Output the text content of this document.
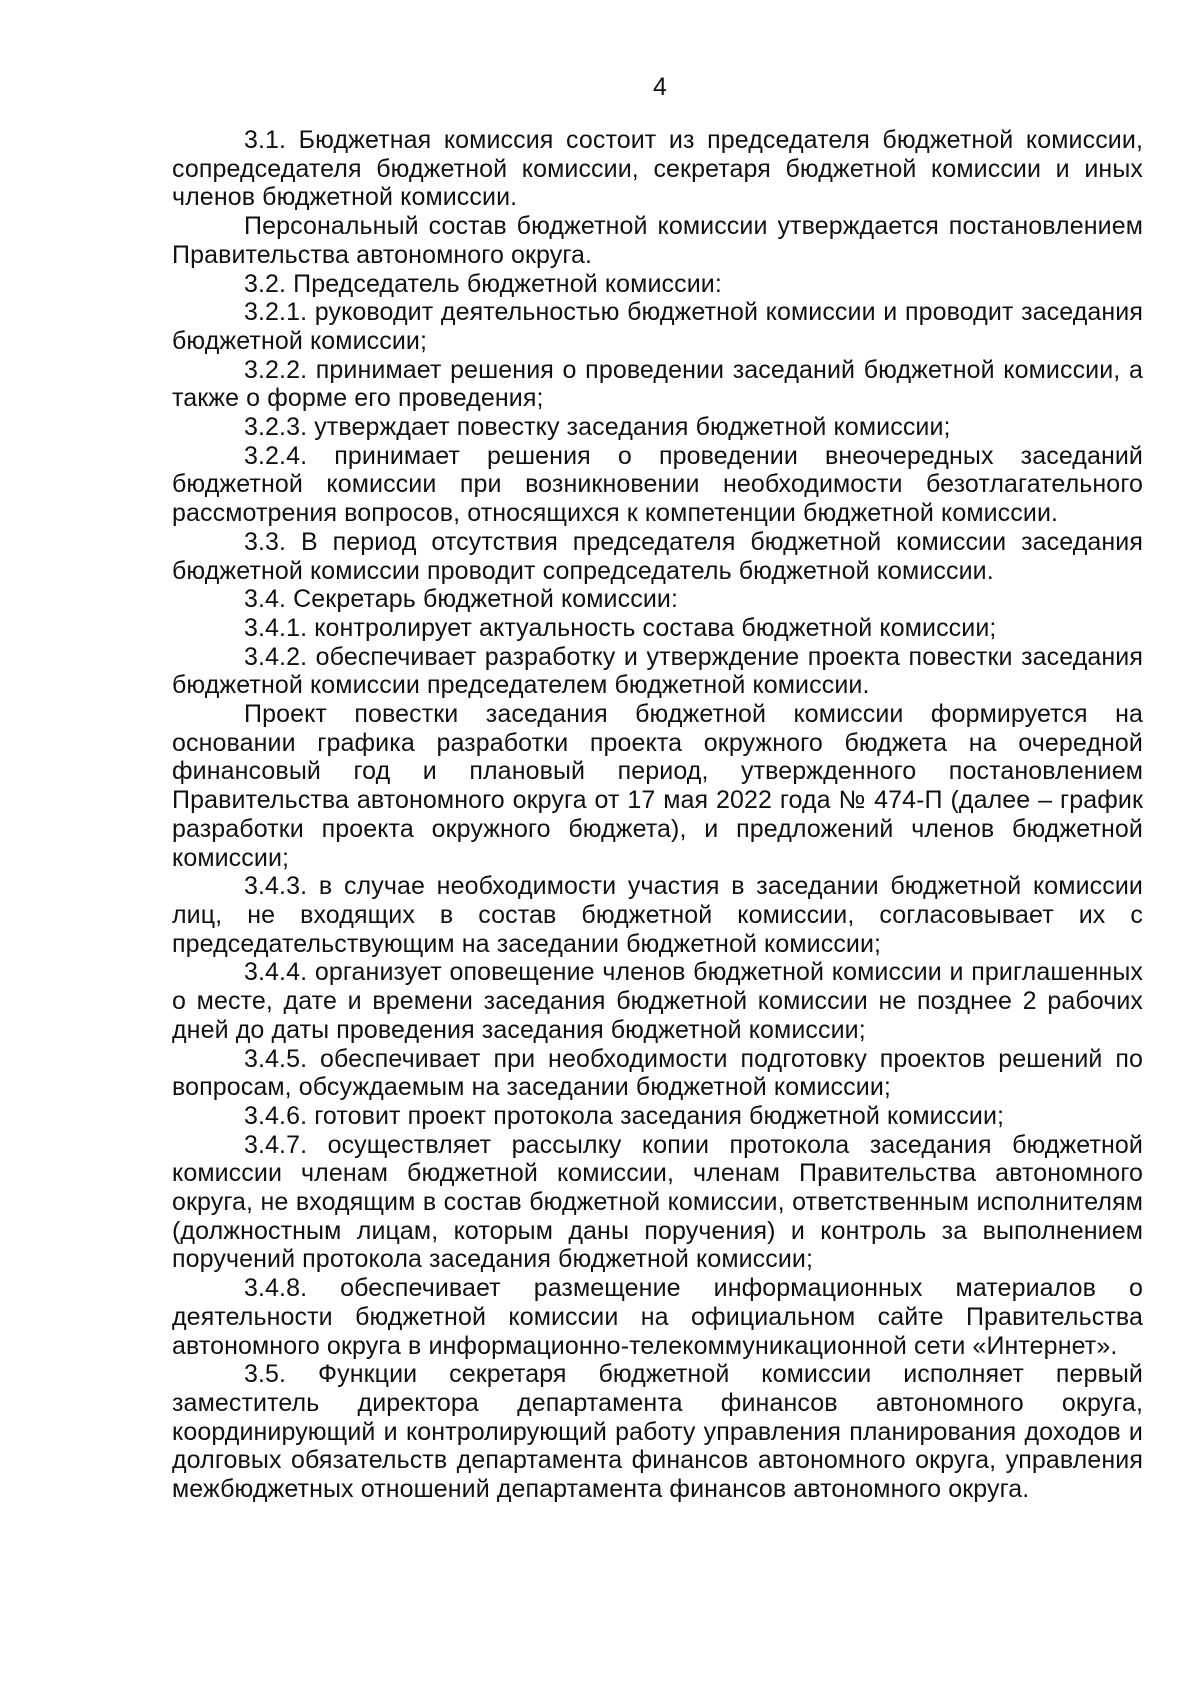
4

3.1. Бюджетная комиссия состоит из председателя бюджетной комиссии, сопредседателя бюджетной комиссии, секретаря бюджетной комиссии и иных членов бюджетной комиссии.

Персональный состав бюджетной комиссии утверждается постановлением Правительства автономного округа.

3.2. Председатель бюджетной комиссии:

3.2.1. руководит деятельностью бюджетной комиссии и проводит заседания бюджетной комиссии;

3.2.2. принимает решения о проведении заседаний бюджетной комиссии, а также о форме его проведения;

3.2.3. утверждает повестку заседания бюджетной комиссии;

3.2.4. принимает решения о проведении внеочередных заседаний бюджетной комиссии при возникновении необходимости безотлагательного рассмотрения вопросов, относящихся к компетенции бюджетной комиссии.

3.3. В период отсутствия председателя бюджетной комиссии заседания бюджетной комиссии проводит сопредседатель бюджетной комиссии.

3.4. Секретарь бюджетной комиссии:

3.4.1. контролирует актуальность состава бюджетной комиссии;

3.4.2. обеспечивает разработку и утверждение проекта повестки заседания бюджетной комиссии председателем бюджетной комиссии.

Проект повестки заседания бюджетной комиссии формируется на основании графика разработки проекта окружного бюджета на очередной финансовый год и плановый период, утвержденного постановлением Правительства автономного округа от 17 мая 2022 года № 474-П (далее – график разработки проекта окружного бюджета), и предложений членов бюджетной комиссии;

3.4.3. в случае необходимости участия в заседании бюджетной комиссии лиц, не входящих в состав бюджетной комиссии, согласовывает их с председательствующим на заседании бюджетной комиссии;

3.4.4. организует оповещение членов бюджетной комиссии и приглашенных о месте, дате и времени заседания бюджетной комиссии не позднее 2 рабочих дней до даты проведения заседания бюджетной комиссии;

3.4.5. обеспечивает при необходимости подготовку проектов решений по вопросам, обсуждаемым на заседании бюджетной комиссии;

3.4.6. готовит проект протокола заседания бюджетной комиссии;

3.4.7. осуществляет рассылку копии протокола заседания бюджетной комиссии членам бюджетной комиссии, членам Правительства автономного округа, не входящим в состав бюджетной комиссии, ответственным исполнителям (должностным лицам, которым даны поручения) и контроль за выполнением поручений протокола заседания бюджетной комиссии;

3.4.8. обеспечивает размещение информационных материалов о деятельности бюджетной комиссии на официальном сайте Правительства автономного округа в информационно-телекоммуникационной сети «Интернет».

3.5. Функции секретаря бюджетной комиссии исполняет первый заместитель директора департамента финансов автономного округа, координирующий и контролирующий работу управления планирования доходов и долговых обязательств департамента финансов автономного округа, управления межбюджетных отношений департамента финансов автономного округа.
